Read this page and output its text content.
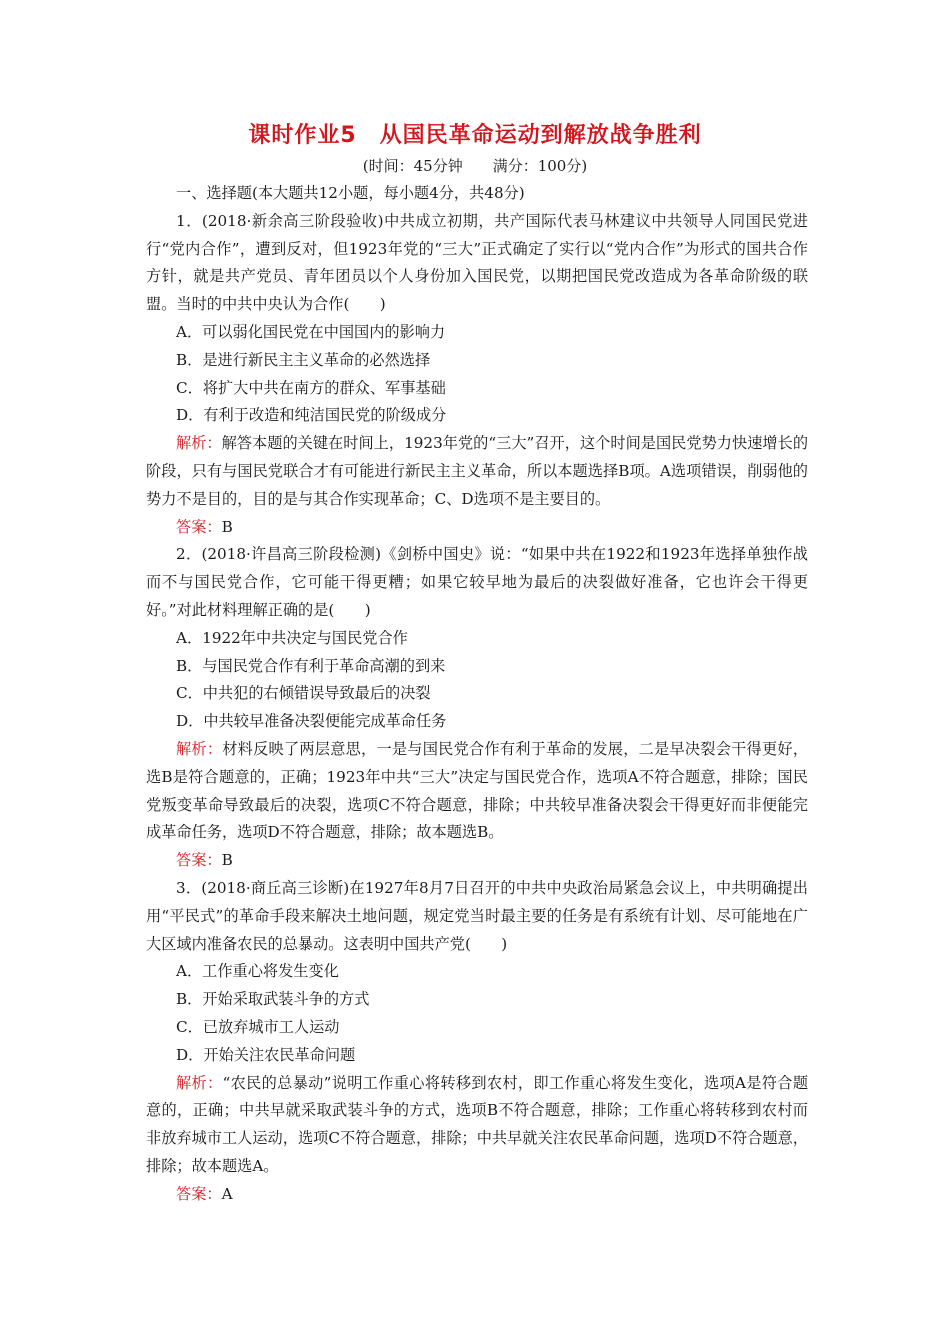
课时作业5　从国民革命运动到解放战争胜利
(时间：45分钟　　满分：100分)

一、选择题(本大题共12小题，每小题4分，共48分)

1．(2018·新余高三阶段验收)中共成立初期，共产国际代表马林建议中共领导人同国民党进行“党内合作”，遭到反对，但1923年党的“三大”正式确定了实行以“党内合作”为形式的国共合作方针，就是共产党员、青年团员以个人身份加入国民党，以期把国民党改造成为各革命阶级的联盟。当时的中共中央认为合作(　　)

A．可以弱化国民党在中国国内的影响力

B．是进行新民主主义革命的必然选择

C．将扩大中共在南方的群众、军事基础

D．有利于改造和纯洁国民党的阶级成分

解析：解答本题的关键在时间上，1923年党的“三大”召开，这个时间是国民党势力快速增长的阶段，只有与国民党联合才有可能进行新民主主义革命，所以本题选择B项。A选项错误，削弱他的势力不是目的，目的是与其合作实现革命；C、D选项不是主要目的。

答案：B

2．(2018·许昌高三阶段检测)《剑桥中国史》说：“如果中共在1922和1923年选择单独作战而不与国民党合作，它可能干得更糟；如果它较早地为最后的决裂做好准备，它也许会干得更好。”对此材料理解正确的是(　　)

A．1922年中共决定与国民党合作

B．与国民党合作有利于革命高潮的到来

C．中共犯的右倾错误导致最后的决裂

D．中共较早准备决裂便能完成革命任务

解析：材料反映了两层意思，一是与国民党合作有利于革命的发展，二是早决裂会干得更好，选B是符合题意的，正确；1923年中共“三大”决定与国民党合作，选项A不符合题意，排除；国民党叛变革命导致最后的决裂，选项C不符合题意，排除；中共较早准备决裂会干得更好而非便能完成革命任务，选项D不符合题意，排除；故本题选B。

答案：B

3．(2018·商丘高三诊断)在1927年8月7日召开的中共中央政治局紧急会议上，中共明确提出用“平民式”的革命手段来解决土地问题，规定党当时最主要的任务是有系统有计划、尽可能地在广大区域内准备农民的总暴动。这表明中国共产党(　　)

A．工作重心将发生变化

B．开始采取武装斗争的方式

C．已放弃城市工人运动

D．开始关注农民革命问题

解析：“农民的总暴动”说明工作重心将转移到农村，即工作重心将发生变化，选项A是符合题意的，正确；中共早就采取武装斗争的方式，选项B不符合题意，排除；工作重心将转移到农村而非放弃城市工人运动，选项C不符合题意，排除；中共早就关注农民革命问题，选项D不符合题意，排除；故本题选A。

答案：A
